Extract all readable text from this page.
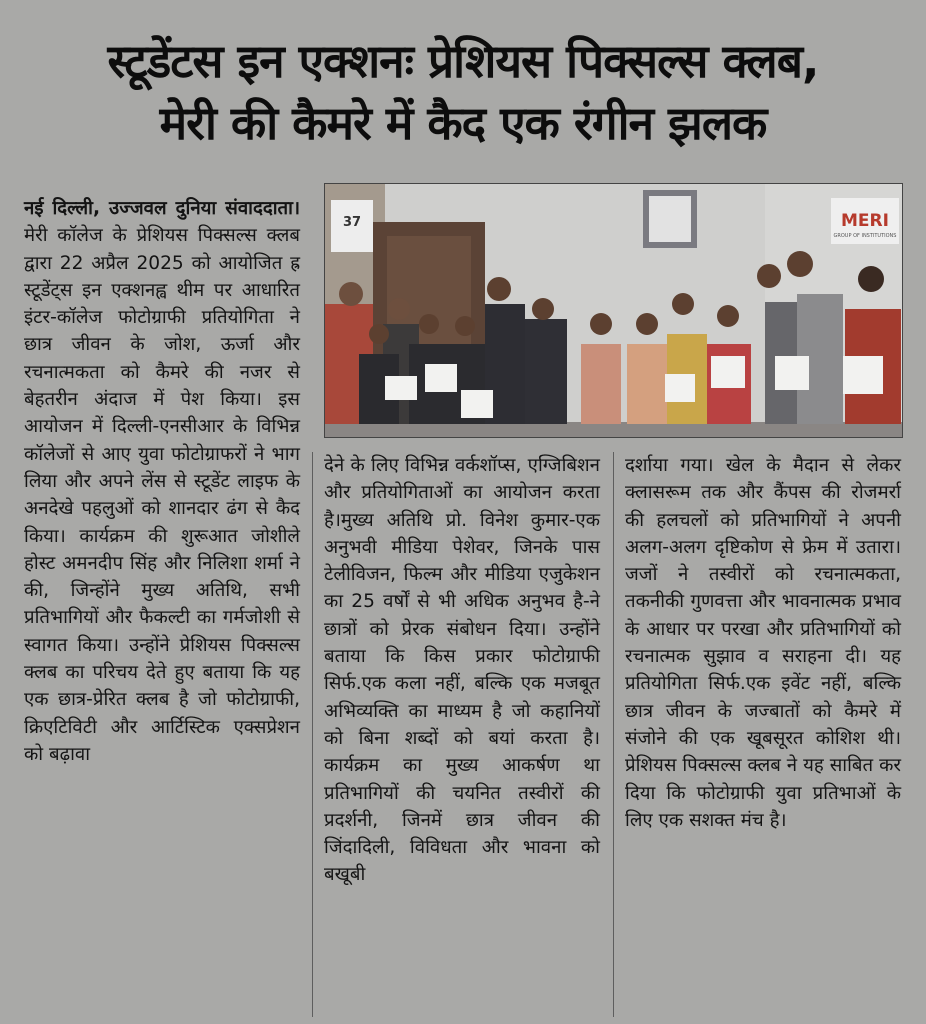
स्टूडेंटस इन एक्शनः प्रेशियस पिक्सल्स क्लब,
मेरी की कैमरे में कैद एक रंगीन झलक

नई दिल्ली, उज्जवल दुनिया संवाददाता।मेरी कॉलेज के प्रेशियस पिक्सल्स क्लब द्वारा 22 अप्रैल 2025 को आयोजित ह्र स्टूडेंट्स इन एक्शनह्व थीम पर आधारित इंटर-कॉलेज फोटोग्राफी प्रतियोगिता ने छात्र जीवन के जोश, ऊर्जा और रचनात्मकता को कैमरे की नजर से बेहतरीन अंदाज में पेश किया। इस आयोजन में दिल्ली-एनसीआर के विभिन्न कॉलेजों से आए युवा फोटोग्राफरों ने भाग लिया और अपने लेंस से स्टूडेंट लाइफ के अनदेखे पहलुओं को शानदार ढंग से कैद किया। कार्यक्रम की शुरूआत जोशीले होस्ट अमनदीप सिंह और निलिशा शर्मा ने की, जिन्होंने मुख्य अतिथि, सभी प्रतिभागियों और फैकल्टी का गर्मजोशी से स्वागत किया। उन्होंने प्रेशियस पिक्सल्स क्लब का परिचय देते हुए बताया कि यह एक छात्र-प्रेरित क्लब है जो फोटोग्राफी, क्रिएटिविटी और आर्टिस्टिक एक्सप्रेशन को बढ़ावा

37	MERI
GROUP OF INSTITUTIONS

देने के लिए विभिन्न वर्कशॉप्स, एग्जिबिशन और प्रतियोगिताओं का आयोजन करता है।मुख्य अतिथि प्रो. विनेश कुमार-एक अनुभवी मीडिया पेशेवर, जिनके पास टेलीविजन, फिल्म और मीडिया एजुकेशन का 25 वर्षों से भी अधिक अनुभव है-ने छात्रों को प्रेरक संबोधन दिया। उन्होंने बताया कि किस प्रकार फोटोग्राफी सिर्फ.एक कला नहीं, बल्कि एक मजबूत अभिव्यक्ति का माध्यम है जो कहानियों को बिना शब्दों को बयां करता है। कार्यक्रम का मुख्य आकर्षण था प्रतिभागियों की चयनित तस्वीरों की प्रदर्शनी, जिनमें छात्र जीवन की जिंदादिली, विविधता और भावना को बखूबी

दर्शाया गया। खेल के मैदान से लेकर क्लासरूम तक और कैंपस की रोजमर्रा की हलचलों को प्रतिभागियों ने अपनी अलग-अलग दृष्टिकोण से फ्रेम में उतारा। जजों ने तस्वीरों को रचनात्मकता, तकनीकी गुणवत्ता और भावनात्मक प्रभाव के आधार पर परखा और प्रतिभागियों को रचनात्मक सुझाव व सराहना दी। यह प्रतियोगिता सिर्फ.एक इवेंट नहीं, बल्कि छात्र जीवन के जज्बातों को कैमरे में संजोने की एक खूबसूरत कोशिश थी। प्रेशियस पिक्सल्स क्लब ने यह साबित कर दिया कि फोटोग्राफी युवा प्रतिभाओं के लिए एक सशक्त मंच है।
